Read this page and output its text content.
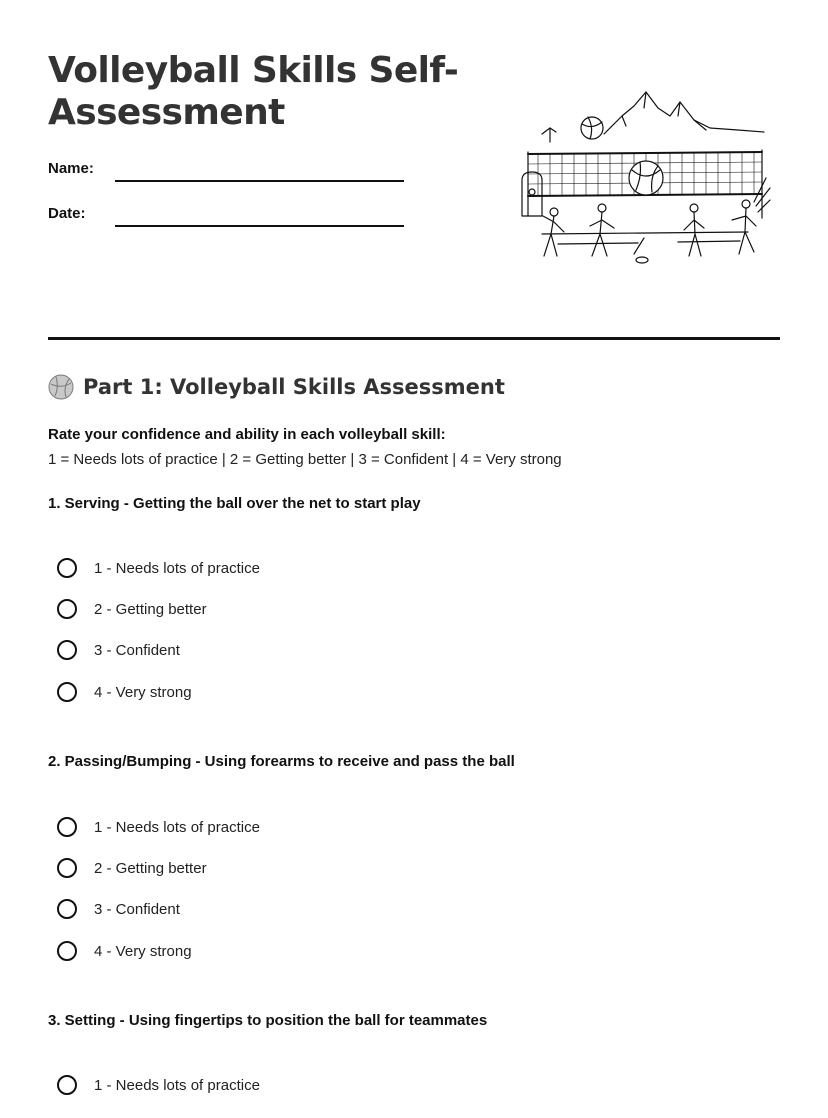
Volleyball Skills Self-Assessment
Name:
Date:
Part 1: Volleyball Skills Assessment
Rate your confidence and ability in each volleyball skill:
1 = Needs lots of practice | 2 = Getting better | 3 = Confident | 4 = Very strong
1. Serving - Getting the ball over the net to start play
1 - Needs lots of practice
2 - Getting better
3 - Confident
4 - Very strong
2. Passing/Bumping - Using forearms to receive and pass the ball
1 - Needs lots of practice
2 - Getting better
3 - Confident
4 - Very strong
3. Setting - Using fingertips to position the ball for teammates
1 - Needs lots of practice
